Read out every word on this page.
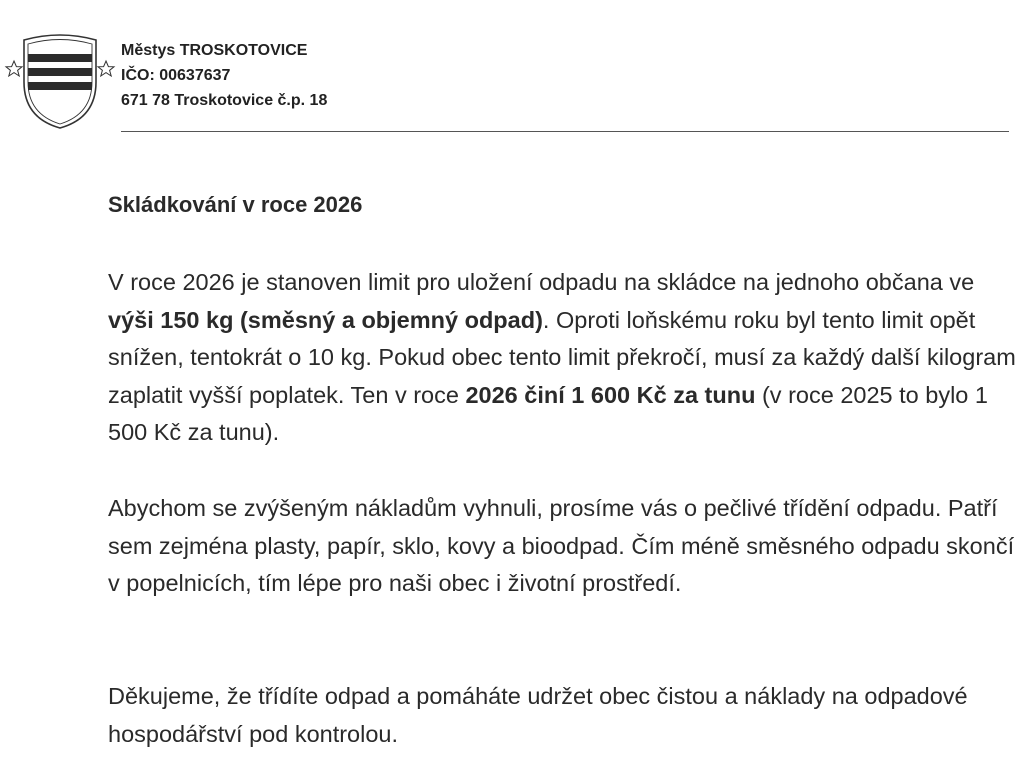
Městys TROSKOTOVICE
IČO: 00637637
671 78 Troskotovice č.p. 18
Skládkování v roce 2026

V roce 2026 je stanoven limit pro uložení odpadu na skládce na jednoho občana ve výši 150 kg (směsný a objemný odpad). Oproti loňskému roku byl tento limit opět snížen, tentokrát o 10 kg. Pokud obec tento limit překročí, musí za každý další kilogram zaplatit vyšší poplatek. Ten v roce 2026 činí 1 600 Kč za tunu (v roce 2025 to bylo 1 500 Kč za tunu).

Abychom se zvýšeným nákladům vyhnuli, prosíme vás o pečlivé třídění odpadu. Patří sem zejména plasty, papír, sklo, kovy a bioodpad. Čím méně směsného odpadu skončí v popelnicích, tím lépe pro naši obec i životní prostředí.

Děkujeme, že třídíte odpad a pomáháte udržet obec čistou a náklady na odpadové hospodářství pod kontrolou.
